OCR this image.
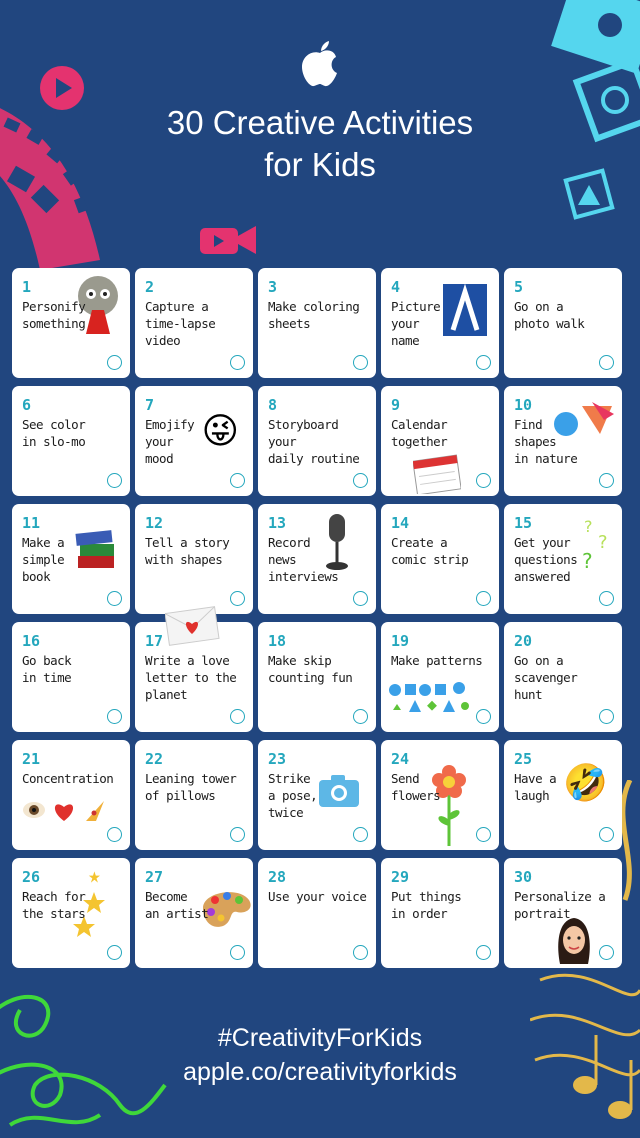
30 Creative Activities
for Kids
1
Personify
something
2
Capture a
time-lapse
video
3
Make coloring
sheets
4
Picture
your
name
5
Go on a
photo walk
6
See color
in slo-mo
7
Emojify
your
mood
😜
8
Storyboard your
daily routine
9
Calendar
together
10
Find
shapes
in nature
11
Make a
simple
book
12
Tell a story
with shapes
13
Record
news
interviews
14
Create a
comic strip
15
Get your
questions
answered
?
?
?
16
Go back
in time
17
Write a love
letter to the
planet
18
Make skip
counting fun
19
Make patterns
20
Go on a
scavenger
hunt
21
Concentration
22
Leaning tower
of pillows
23
Strike
a pose,
twice
24
Send
flowers
25
Have a
laugh 🤣
26
Reach for
the stars
27
Become
an artist
28
Use your voice
29
Put things
in order
30
Personalize a
portrait
#CreativityForKids
apple.co/creativityforkids
